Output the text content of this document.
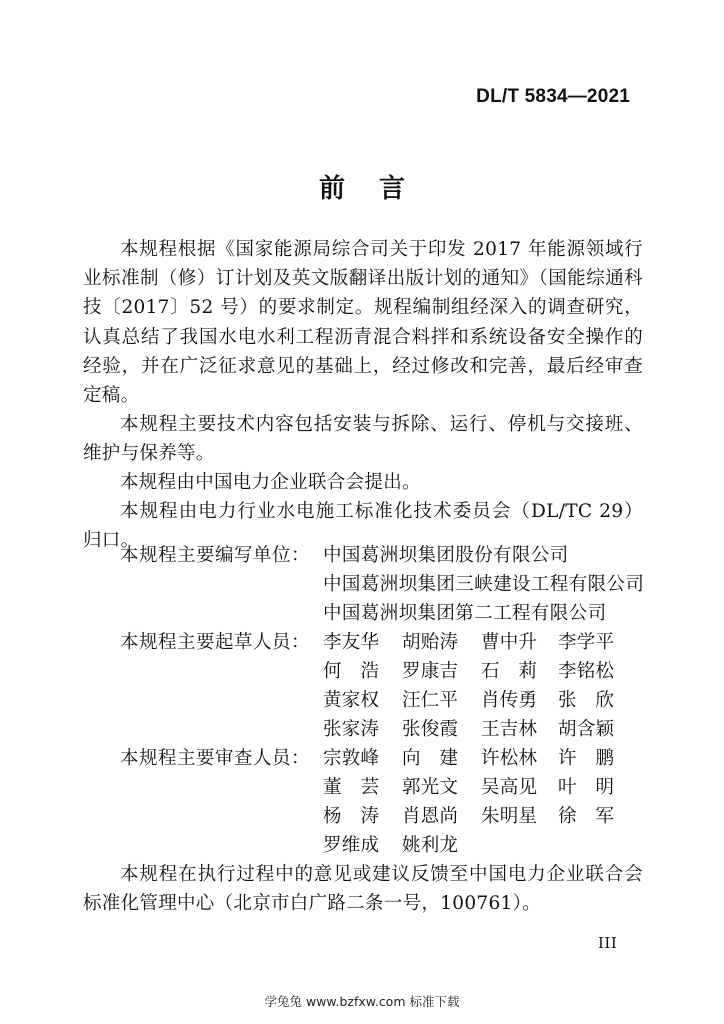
DL/T 5834—2021
前言

本规程根据《国家能源局综合司关于印发 2017 年能源领域行业标准制（修）订计划及英文版翻译出版计划的通知》（国能综通科技〔2017〕52 号）的要求制定。规程编制组经深入的调查研究，认真总结了我国水电水利工程沥青混合料拌和系统设备安全操作的经验，并在广泛征求意见的基础上，经过修改和完善，最后经审查定稿。

本规程主要技术内容包括安装与拆除、运行、停机与交接班、维护与保养等。

本规程由中国电力企业联合会提出。

本规程由电力行业水电施工标准化技术委员会（DL/TC 29）归口。

本规程主要编写单位： 中国葛洲坝集团股份有限公司
中国葛洲坝集团三峡建设工程有限公司
中国葛洲坝集团第二工程有限公司
本规程主要起草人员： 李友华 胡贻涛 曹中升 李学平
何浩 罗康吉 石莉 李铭松
黄家权 汪仁平 肖传勇 张欣
张家涛 张俊霞 王吉林 胡含颖
本规程主要审查人员： 宗敦峰 向建 许松林 许鹏
董芸 郭光文 吴高见 叶明
杨涛 肖恩尚 朱明星 徐军
罗维成 姚利龙

本规程在执行过程中的意见或建议反馈至中国电力企业联合会标准化管理中心（北京市白广路二条一号，100761）。

III
学兔兔 www.bzfxw.com 标准下载
